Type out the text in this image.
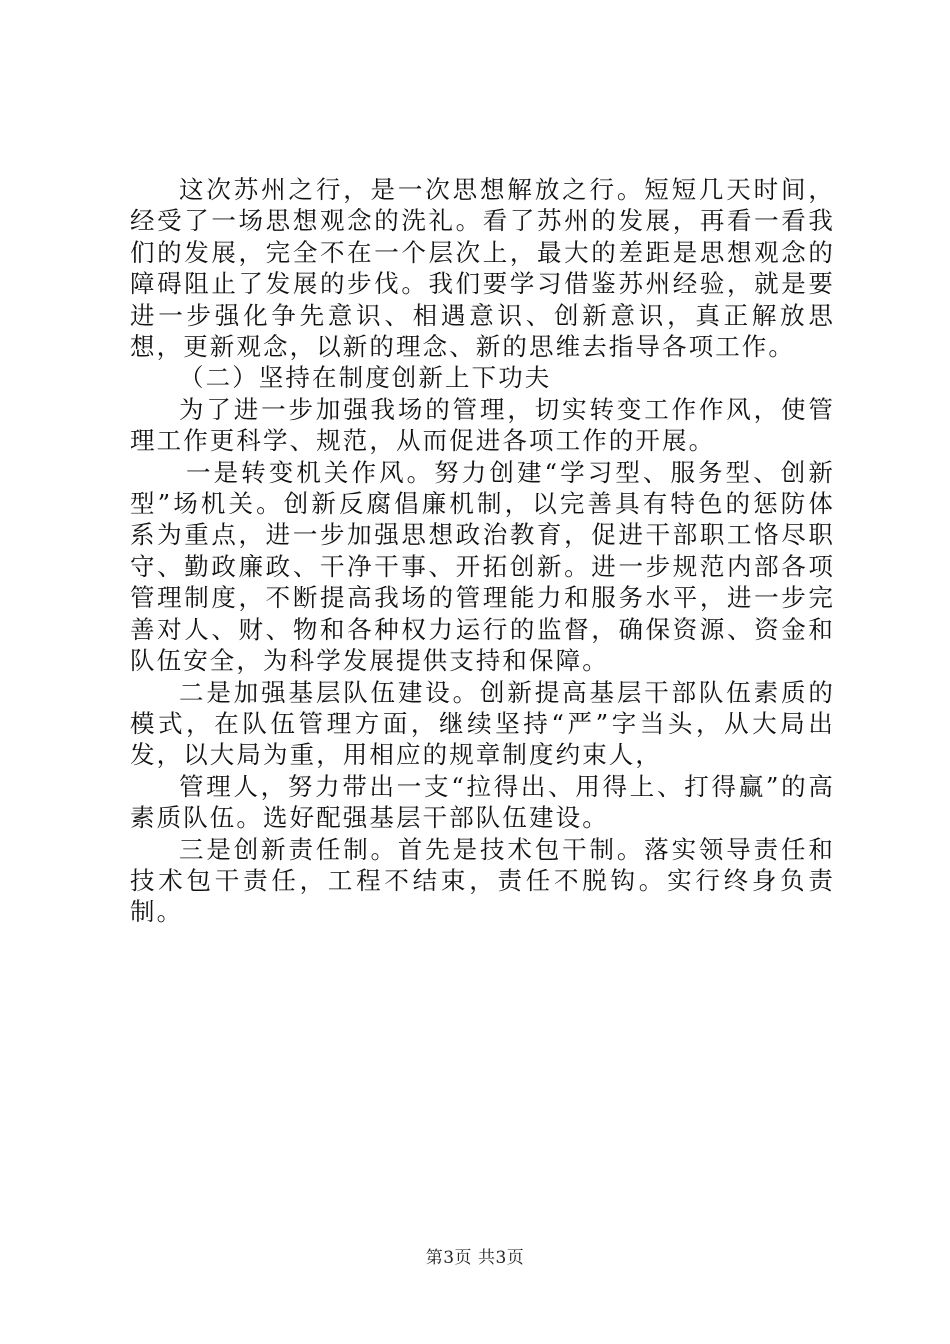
这次苏州之行，是一次思想解放之行。短短几天时间，经受了一场思想观念的洗礼。看了苏州的发展，再看一看我们的发展，完全不在一个层次上，最大的差距是思想观念的障碍阻止了发展的步伐。我们要学习借鉴苏州经验，就是要进一步强化争先意识、相遇意识、创新意识，真正解放思想，更新观念，以新的理念、新的思维去指导各项工作。

（二）坚持在制度创新上下功夫

为了进一步加强我场的管理，切实转变工作作风，使管理工作更科学、规范，从而促进各项工作的开展。

一是转变机关作风。努力创建“学习型、服务型、创新型”场机关。创新反腐倡廉机制，以完善具有特色的惩防体系为重点，进一步加强思想政治教育，促进干部职工恪尽职守、勤政廉政、干净干事、开拓创新。进一步规范内部各项管理制度，不断提高我场的管理能力和服务水平，进一步完善对人、财、物和各种权力运行的监督，确保资源、资金和队伍安全，为科学发展提供支持和保障。

二是加强基层队伍建设。创新提高基层干部队伍素质的模式，在队伍管理方面，继续坚持“严”字当头，从大局出发，以大局为重，用相应的规章制度约束人，

管理人，努力带出一支“拉得出、用得上、打得赢”的高素质队伍。选好配强基层干部队伍建设。

三是创新责任制。首先是技术包干制。落实领导责任和技术包干责任，工程不结束，责任不脱钩。实行终身负责制。

第3页 共3页
